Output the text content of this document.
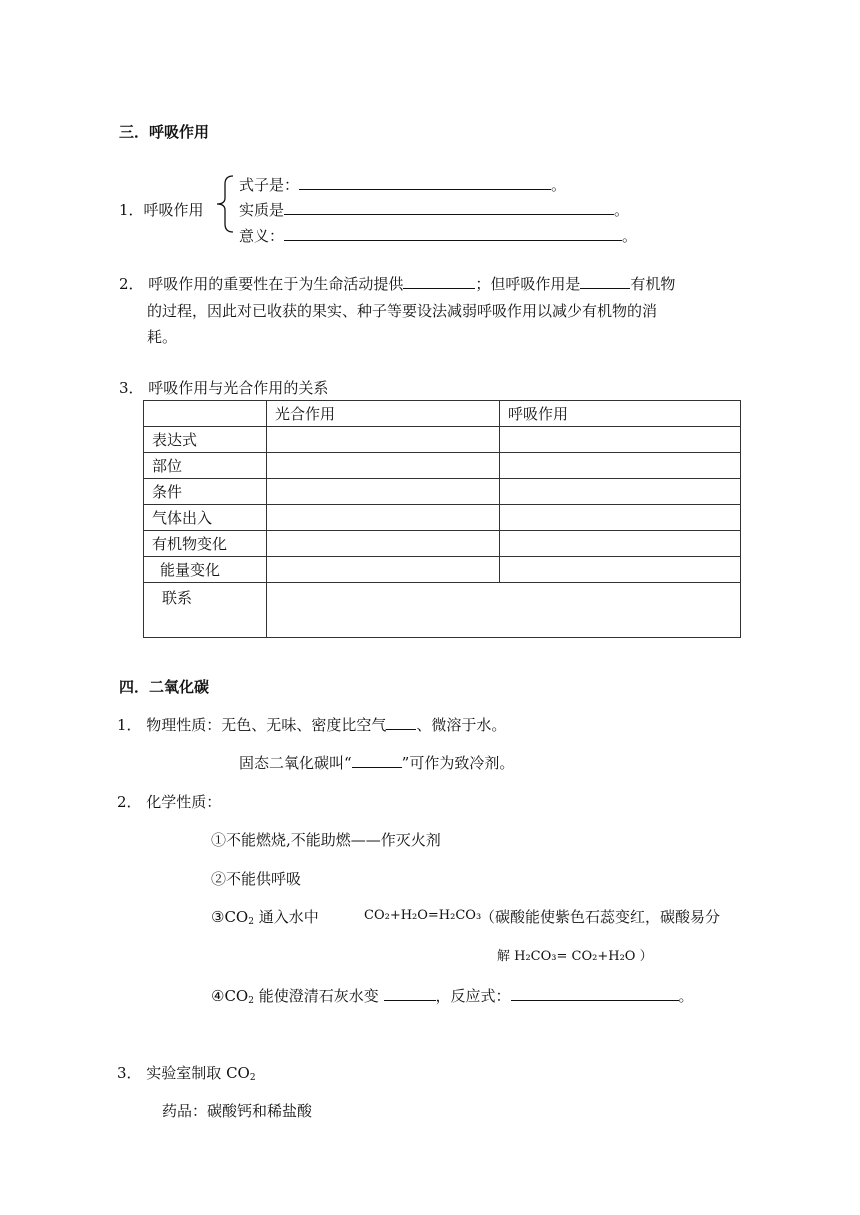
三．呼吸作用
1．呼吸作用
式子是：	。
实质是	。
意义：	。
2． 呼吸作用的重要性在于为生命活动提供	；但呼吸作用是	有机物
的过程，因此对已收获的果实、种子等要设法减弱呼吸作用以减少有机物的消
耗。
3． 呼吸作用与光合作用的关系
	光合作用	呼吸作用
表达式		
部位		
条件		
气体出入		
有机物变化		
能量变化		
联系		
四．二氧化碳
1． 物理性质：无色、无味、密度比空气 、微溶于水。
固态二氧化碳叫“	”可作为致冷剂。
2． 化学性质：
①不能燃烧,不能助燃——作灭火剂
②不能供呼吸
$③CO_2$ 通入水中	CO₂+H₂O=H₂CO₃
（碳酸能使紫色石蕊变红，碳酸易分
解 H₂CO₃= CO₂+H₂O ）
$④CO_2$ 能使澄清石灰水变	，反应式：	。
3． 实验室制取 $CO_2$
药品：碳酸钙和稀盐酸
